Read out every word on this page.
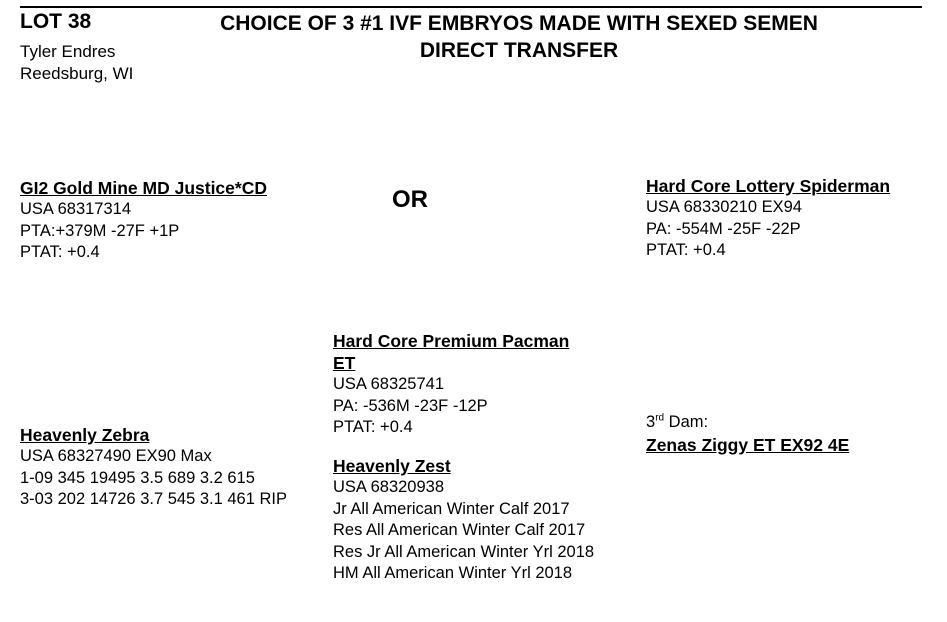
LOT 38	CHOICE OF 3 #1 IVF EMBRYOS MADE WITH SEXED SEMEN
DIRECT TRANSFER
Tyler Endres
Reedsburg, WI
GI2 Gold Mine MD Justice*CD
USA 68317314
PTA:+379M -27F +1P
PTAT: +0.4
OR	Hard Core Lottery Spiderman
USA 68330210 EX94
PA: -554M -25F -22P
PTAT: +0.4
Hard Core Premium Pacman
ET
USA 68325741
PA: -536M -23F -12P
PTAT: +0.4
Heavenly Zebra
USA 68327490 EX90 Max
1-09 345 19495 3.5 689 3.2 615
3-03 202 14726 3.7 545 3.1 461 RIP
Heavenly Zest
USA 68320938
Jr All American Winter Calf 2017
Res All American Winter Calf 2017
Res Jr All American Winter Yrl 2018
HM All American Winter Yrl 2018
3rd Dam:
Zenas Ziggy ET EX92 4E
